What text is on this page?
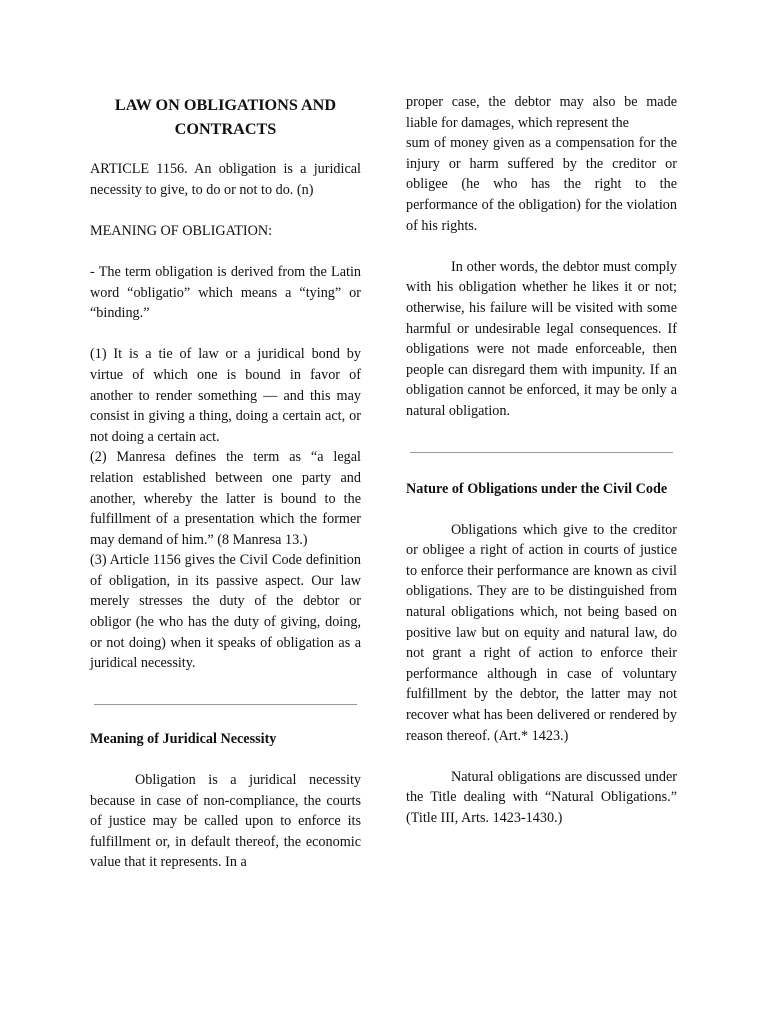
LAW ON OBLIGATIONS AND CONTRACTS

ARTICLE 1156. An obligation is a juridical necessity to give, to do or not to do. (n)

MEANING OF OBLIGATION:

- The term obligation is derived from the Latin word “obligatio” which means a “tying” or “binding.”

(1) It is a tie of law or a juridical bond by virtue of which one is bound in favor of another to render something — and this may consist in giving a thing, doing a certain act, or not doing a certain act.

(2) Manresa defines the term as “a legal relation established between one party and another, whereby the latter is bound to the fulfillment of a presentation which the former may demand of him.” (8 Manresa 13.)

(3) Article 1156 gives the Civil Code definition of obligation, in its passive aspect. Our law merely stresses the duty of the debtor or obligor (he who has the duty of giving, doing, or not doing) when it speaks of obligation as a juridical necessity.

Meaning of Juridical Necessity

Obligation is a juridical necessity because in case of non-compliance, the courts of justice may be called upon to enforce its fulfillment or, in default thereof, the economic value that it represents. In a

proper case, the debtor may also be made

liable for damages, which represent the

sum of money given as a compensation for the injury or harm suffered by the creditor or obligee (he who has the right to the performance of the obligation) for the violation of his rights.

In other words, the debtor must comply with his obligation whether he likes it or not; otherwise, his failure will be visited with some harmful or undesirable legal consequences. If obligations were not made enforceable, then people can disregard them with impunity. If an obligation cannot be enforced, it may be only a natural obligation.

Nature of Obligations under the Civil Code

Obligations which give to the creditor or obligee a right of action in courts of justice to enforce their performance are known as civil obligations. They are to be distinguished from natural obligations which, not being based on positive law but on equity and natural law, do not grant a right of action to enforce their performance although in case of voluntary fulfillment by the debtor, the latter may not recover what has been delivered or rendered by reason thereof. (Art.* 1423.)

Natural obligations are discussed under the Title dealing with “Natural Obligations.” (Title III, Arts. 1423-1430.)
